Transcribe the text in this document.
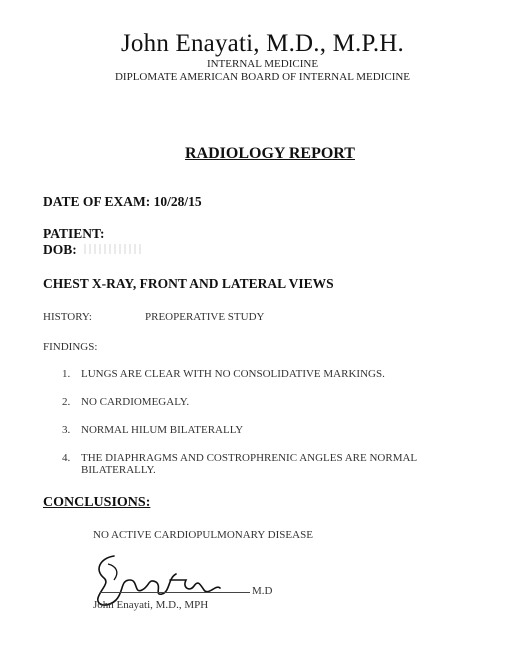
John Enayati, M.D., M.P.H.
INTERNAL MEDICINE
DIPLOMATE AMERICAN BOARD OF INTERNAL MEDICINE
RADIOLOGY REPORT
DATE OF EXAM: 10/28/15
PATIENT:
DOB:
CHEST X-RAY, FRONT AND LATERAL VIEWS
HISTORY:	PREOPERATIVE STUDY
FINDINGS:
1. LUNGS ARE CLEAR WITH NO CONSOLIDATIVE MARKINGS.
2. NO CARDIOMEGALY.
3. NORMAL HILUM BILATERALLY
4. THE DIAPHRAGMS AND COSTROPHRENIC ANGLES ARE NORMAL BILATERALLY.
CONCLUSIONS:
NO ACTIVE CARDIOPULMONARY DISEASE
M.D
John Enayati, M.D., MPH
